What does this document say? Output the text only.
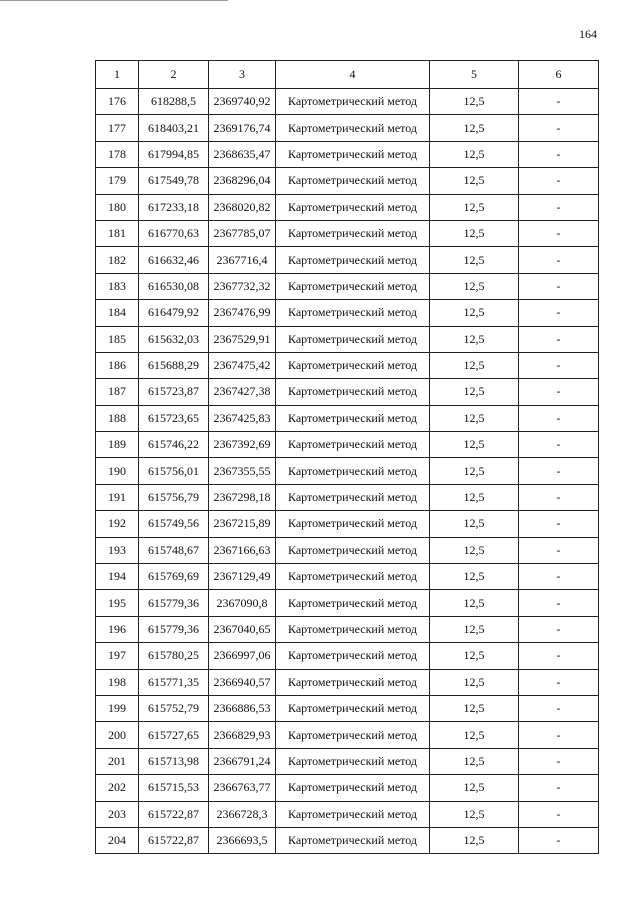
164
1	2	3	4	5	6
176	618288,5	2369740,92	Картометрический метод	12,5	-
177	618403,21	2369176,74	Картометрический метод	12,5	-
178	617994,85	2368635,47	Картометрический метод	12,5	-
179	617549,78	2368296,04	Картометрический метод	12,5	-
180	617233,18	2368020,82	Картометрический метод	12,5	-
181	616770,63	2367785,07	Картометрический метод	12,5	-
182	616632,46	2367716,4	Картометрический метод	12,5	-
183	616530,08	2367732,32	Картометрический метод	12,5	-
184	616479,92	2367476,99	Картометрический метод	12,5	-
185	615632,03	2367529,91	Картометрический метод	12,5	-
186	615688,29	2367475,42	Картометрический метод	12,5	-
187	615723,87	2367427,38	Картометрический метод	12,5	-
188	615723,65	2367425,83	Картометрический метод	12,5	-
189	615746,22	2367392,69	Картометрический метод	12,5	-
190	615756,01	2367355,55	Картометрический метод	12,5	-
191	615756,79	2367298,18	Картометрический метод	12,5	-
192	615749,56	2367215,89	Картометрический метод	12,5	-
193	615748,67	2367166,63	Картометрический метод	12,5	-
194	615769,69	2367129,49	Картометрический метод	12,5	-
195	615779,36	2367090,8	Картометрический метод	12,5	-
196	615779,36	2367040,65	Картометрический метод	12,5	-
197	615780,25	2366997,06	Картометрический метод	12,5	-
198	615771,35	2366940,57	Картометрический метод	12,5	-
199	615752,79	2366886,53	Картометрический метод	12,5	-
200	615727,65	2366829,93	Картометрический метод	12,5	-
201	615713,98	2366791,24	Картометрический метод	12,5	-
202	615715,53	2366763,77	Картометрический метод	12,5	-
203	615722,87	2366728,3	Картометрический метод	12,5	-
204	615722,87	2366693,5	Картометрический метод	12,5	-
